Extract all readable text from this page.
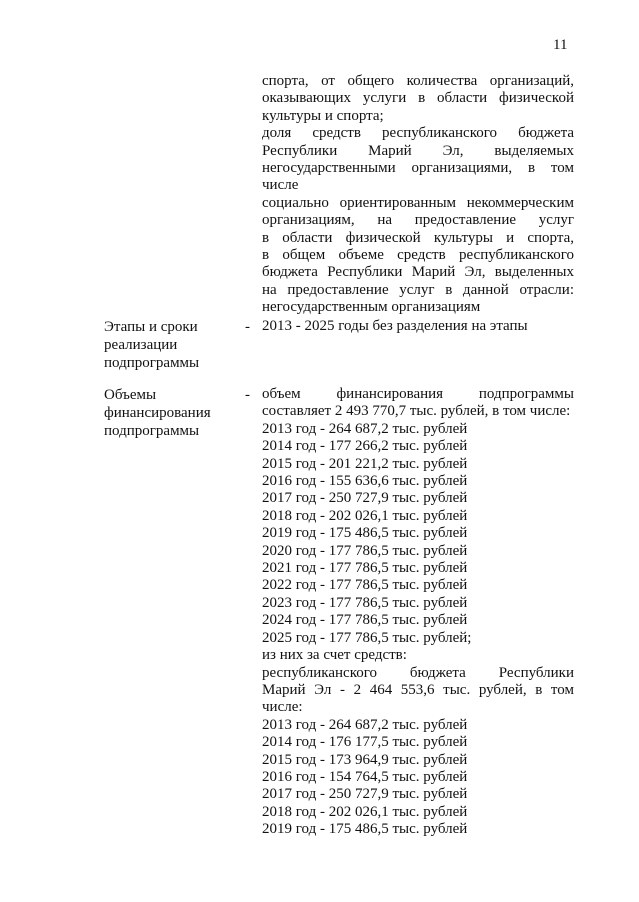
11
спорта, от общего количества организаций,
оказывающих услуги в области физической
культуры и спорта;
доля средств республиканского бюджета
Республики Марий Эл, выделяемых
негосударственными организациями, в том числе
социально ориентированным некоммерческим
организациям, на предоставление услуг
в области физической культуры и спорта,
в общем объеме средств республиканского
бюджета Республики Марий Эл, выделенных
на предоставление услуг в данной отрасли:
негосударственным организациям
Этапы и сроки
реализации
подпрограммы
- 2013 - 2025 годы без разделения на этапы
Объемы
финансирования
подпрограммы
- объем финансирования подпрограммы
составляет 2 493 770,7 тыс. рублей, в том числе:
2013 год - 264 687,2 тыс. рублей
2014 год - 177 266,2 тыс. рублей
2015 год - 201 221,2 тыс. рублей
2016 год - 155 636,6 тыс. рублей
2017 год - 250 727,9 тыс. рублей
2018 год - 202 026,1 тыс. рублей
2019 год - 175 486,5 тыс. рублей
2020 год - 177 786,5 тыс. рублей
2021 год - 177 786,5 тыс. рублей
2022 год - 177 786,5 тыс. рублей
2023 год - 177 786,5 тыс. рублей
2024 год - 177 786,5 тыс. рублей
2025 год - 177 786,5 тыс. рублей;
из них за счет средств:
республиканского бюджета Республики
Марий Эл - 2 464 553,6 тыс. рублей, в том
числе:
2013 год - 264 687,2 тыс. рублей
2014 год - 176 177,5 тыс. рублей
2015 год - 173 964,9 тыс. рублей
2016 год - 154 764,5 тыс. рублей
2017 год - 250 727,9 тыс. рублей
2018 год - 202 026,1 тыс. рублей
2019 год - 175 486,5 тыс. рублей
